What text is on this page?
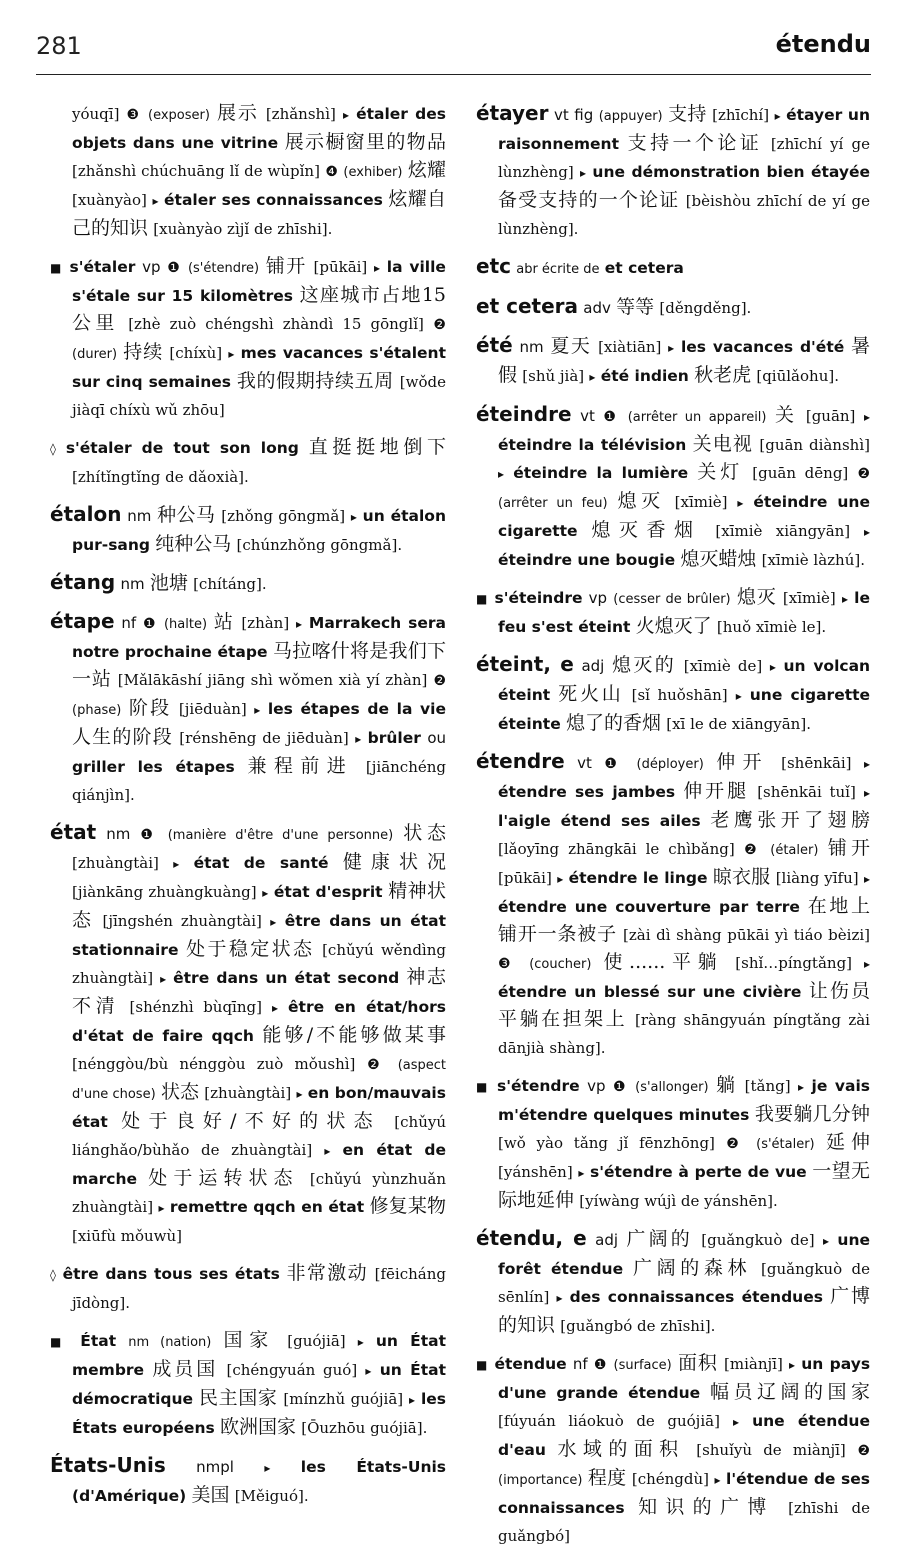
281	étendu

yóuqī] ❸ (exposer) 展示 [zhǎnshì] ▸ étaler des objets dans une vitrine 展示橱窗里的物品 [zhǎnshì chúchuāng lǐ de wùpǐn] ❹ (exhiber) 炫耀 [xuànyào] ▸ étaler ses connaissances 炫耀自己的知识 [xuànyào zìjǐ de zhīshi].

■ s'étaler vp ❶ (s'étendre) 铺开 [pūkāi] ▸ la ville s'étale sur 15 kilomètres 这座城市占地15公里 [zhè zuò chéngshì zhàndì 15 gōnglǐ] ❷ (durer) 持续 [chíxù] ▸ mes vacances s'étalent sur cinq semaines 我的假期持续五周 [wǒde jiàqī chíxù wǔ zhōu]

◊ s'étaler de tout son long 直挺挺地倒下 [zhítǐngtǐng de dǎoxià].

étalon nm 种公马 [zhǒng gōngmǎ] ▸ un étalon pur-sang 纯种公马 [chúnzhǒng gōngmǎ].

étang nm 池塘 [chítáng].

étape nf ❶ (halte) 站 [zhàn] ▸ Marrakech sera notre prochaine étape 马拉喀什将是我们下一站 [Mǎlākāshí jiāng shì wǒmen xià yí zhàn] ❷ (phase) 阶段 [jiēduàn] ▸ les étapes de la vie 人生的阶段 [rénshēng de jiēduàn] ▸ brûler ou griller les étapes 兼程前进 [jiānchéng qiánjìn].

état nm ❶ (manière d'être d'une personne) 状态 [zhuàngtài] ▸ état de santé 健康状况 [jiànkāng zhuàngkuàng] ▸ état d'esprit 精神状态 [jīngshén zhuàngtài] ▸ être dans un état stationnaire 处于稳定状态 [chǔyú wěndìng zhuàngtài] ▸ être dans un état second 神志不清 [shénzhì bùqīng] ▸ être en état/hors d'état de faire qqch 能够/不能够做某事 [nénggòu/bù nénggòu zuò mǒushì] ❷ (aspect d'une chose) 状态 [zhuàngtài] ▸ en bon/mauvais état 处于良好/不好的状态 [chǔyú liánghǎo/bùhǎo de zhuàngtài] ▸ en état de marche 处于运转状态 [chǔyú yùnzhuǎn zhuàngtài] ▸ remettre qqch en état 修复某物 [xiūfù mǒuwù]

◊ être dans tous ses états 非常激动 [fēicháng jīdòng].

■ État nm (nation) 国家 [guójiā] ▸ un État membre 成员国 [chéngyuán guó] ▸ un État démocratique 民主国家 [mínzhǔ guójiā] ▸ les États européens 欧洲国家 [Ōuzhōu guójiā].

États-Unis nmpl	▸ les États-Unis (d'Amérique) 美国 [Měiguó].

étayer vt fig (appuyer) 支持 [zhīchí] ▸ étayer un raisonnement 支持一个论证 [zhīchí yí ge lùnzhèng] ▸ une démonstration bien étayée 备受支持的一个论证 [bèishòu zhīchí de yí ge lùnzhèng].

etc abr écrite de et cetera

et cetera adv 等等 [děngděng].

été nm 夏天 [xiàtiān] ▸ les vacances d'été 暑假 [shǔ jià] ▸ été indien 秋老虎 [qiūlǎohu].

éteindre vt ❶ (arrêter un appareil) 关 [guān] ▸ éteindre la télévision 关电视 [guān diànshì] ▸ éteindre la lumière 关灯 [guān dēng] ❷ (arrêter un feu) 熄灭 [xīmiè] ▸ éteindre une cigarette 熄灭香烟 [xīmiè xiāngyān] ▸ éteindre une bougie 熄灭蜡烛 [xīmiè làzhú].

■ s'éteindre vp (cesser de brûler) 熄灭 [xīmiè] ▸ le feu s'est éteint 火熄灭了 [huǒ xīmiè le].

éteint, e adj 熄灭的 [xīmiè de] ▸ un volcan éteint 死火山 [sǐ huǒshān] ▸ une cigarette éteinte 熄了的香烟 [xī le de xiāngyān].

étendre vt ❶ (déployer) 伸开 [shēnkāi] ▸ étendre ses jambes 伸开腿 [shēnkāi tuǐ] ▸ l'aigle étend ses ailes 老鹰张开了翅膀 [lǎoyīng zhāngkāi le chìbǎng] ❷ (étaler) 铺开 [pūkāi] ▸ étendre le linge 晾衣服 [liàng yīfu] ▸ étendre une couverture par terre 在地上铺开一条被子 [zài dì shàng pūkāi yì tiáo bèizi] ❸ (coucher) 使......平躺 [shǐ…píngtǎng] ▸ étendre un blessé sur une civière 让伤员平躺在担架上 [ràng shāngyuán píngtǎng zài dānjià shàng].

■ s'étendre vp ❶ (s'allonger) 躺 [tǎng] ▸ je vais m'étendre quelques minutes 我要躺几分钟 [wǒ yào tǎng jǐ fēnzhōng] ❷ (s'étaler) 延伸 [yánshēn] ▸ s'étendre à perte de vue 一望无际地延伸 [yíwàng wújì de yánshēn].

étendu, e adj 广阔的 [guǎngkuò de] ▸ une forêt étendue 广阔的森林 [guǎngkuò de sēnlín] ▸ des connaissances étendues 广博的知识 [guǎngbó de zhīshi].

■ étendue nf ❶ (surface) 面积 [miànjī] ▸ un pays d'une grande étendue 幅员辽阔的国家 [fúyuán liáokuò de guójiā] ▸ une étendue d'eau 水域的面积 [shuǐyù de miànjī] ❷ (importance) 程度 [chéngdù] ▸ l'étendue de ses connaissances 知识的广博 [zhīshi de guǎngbó]
